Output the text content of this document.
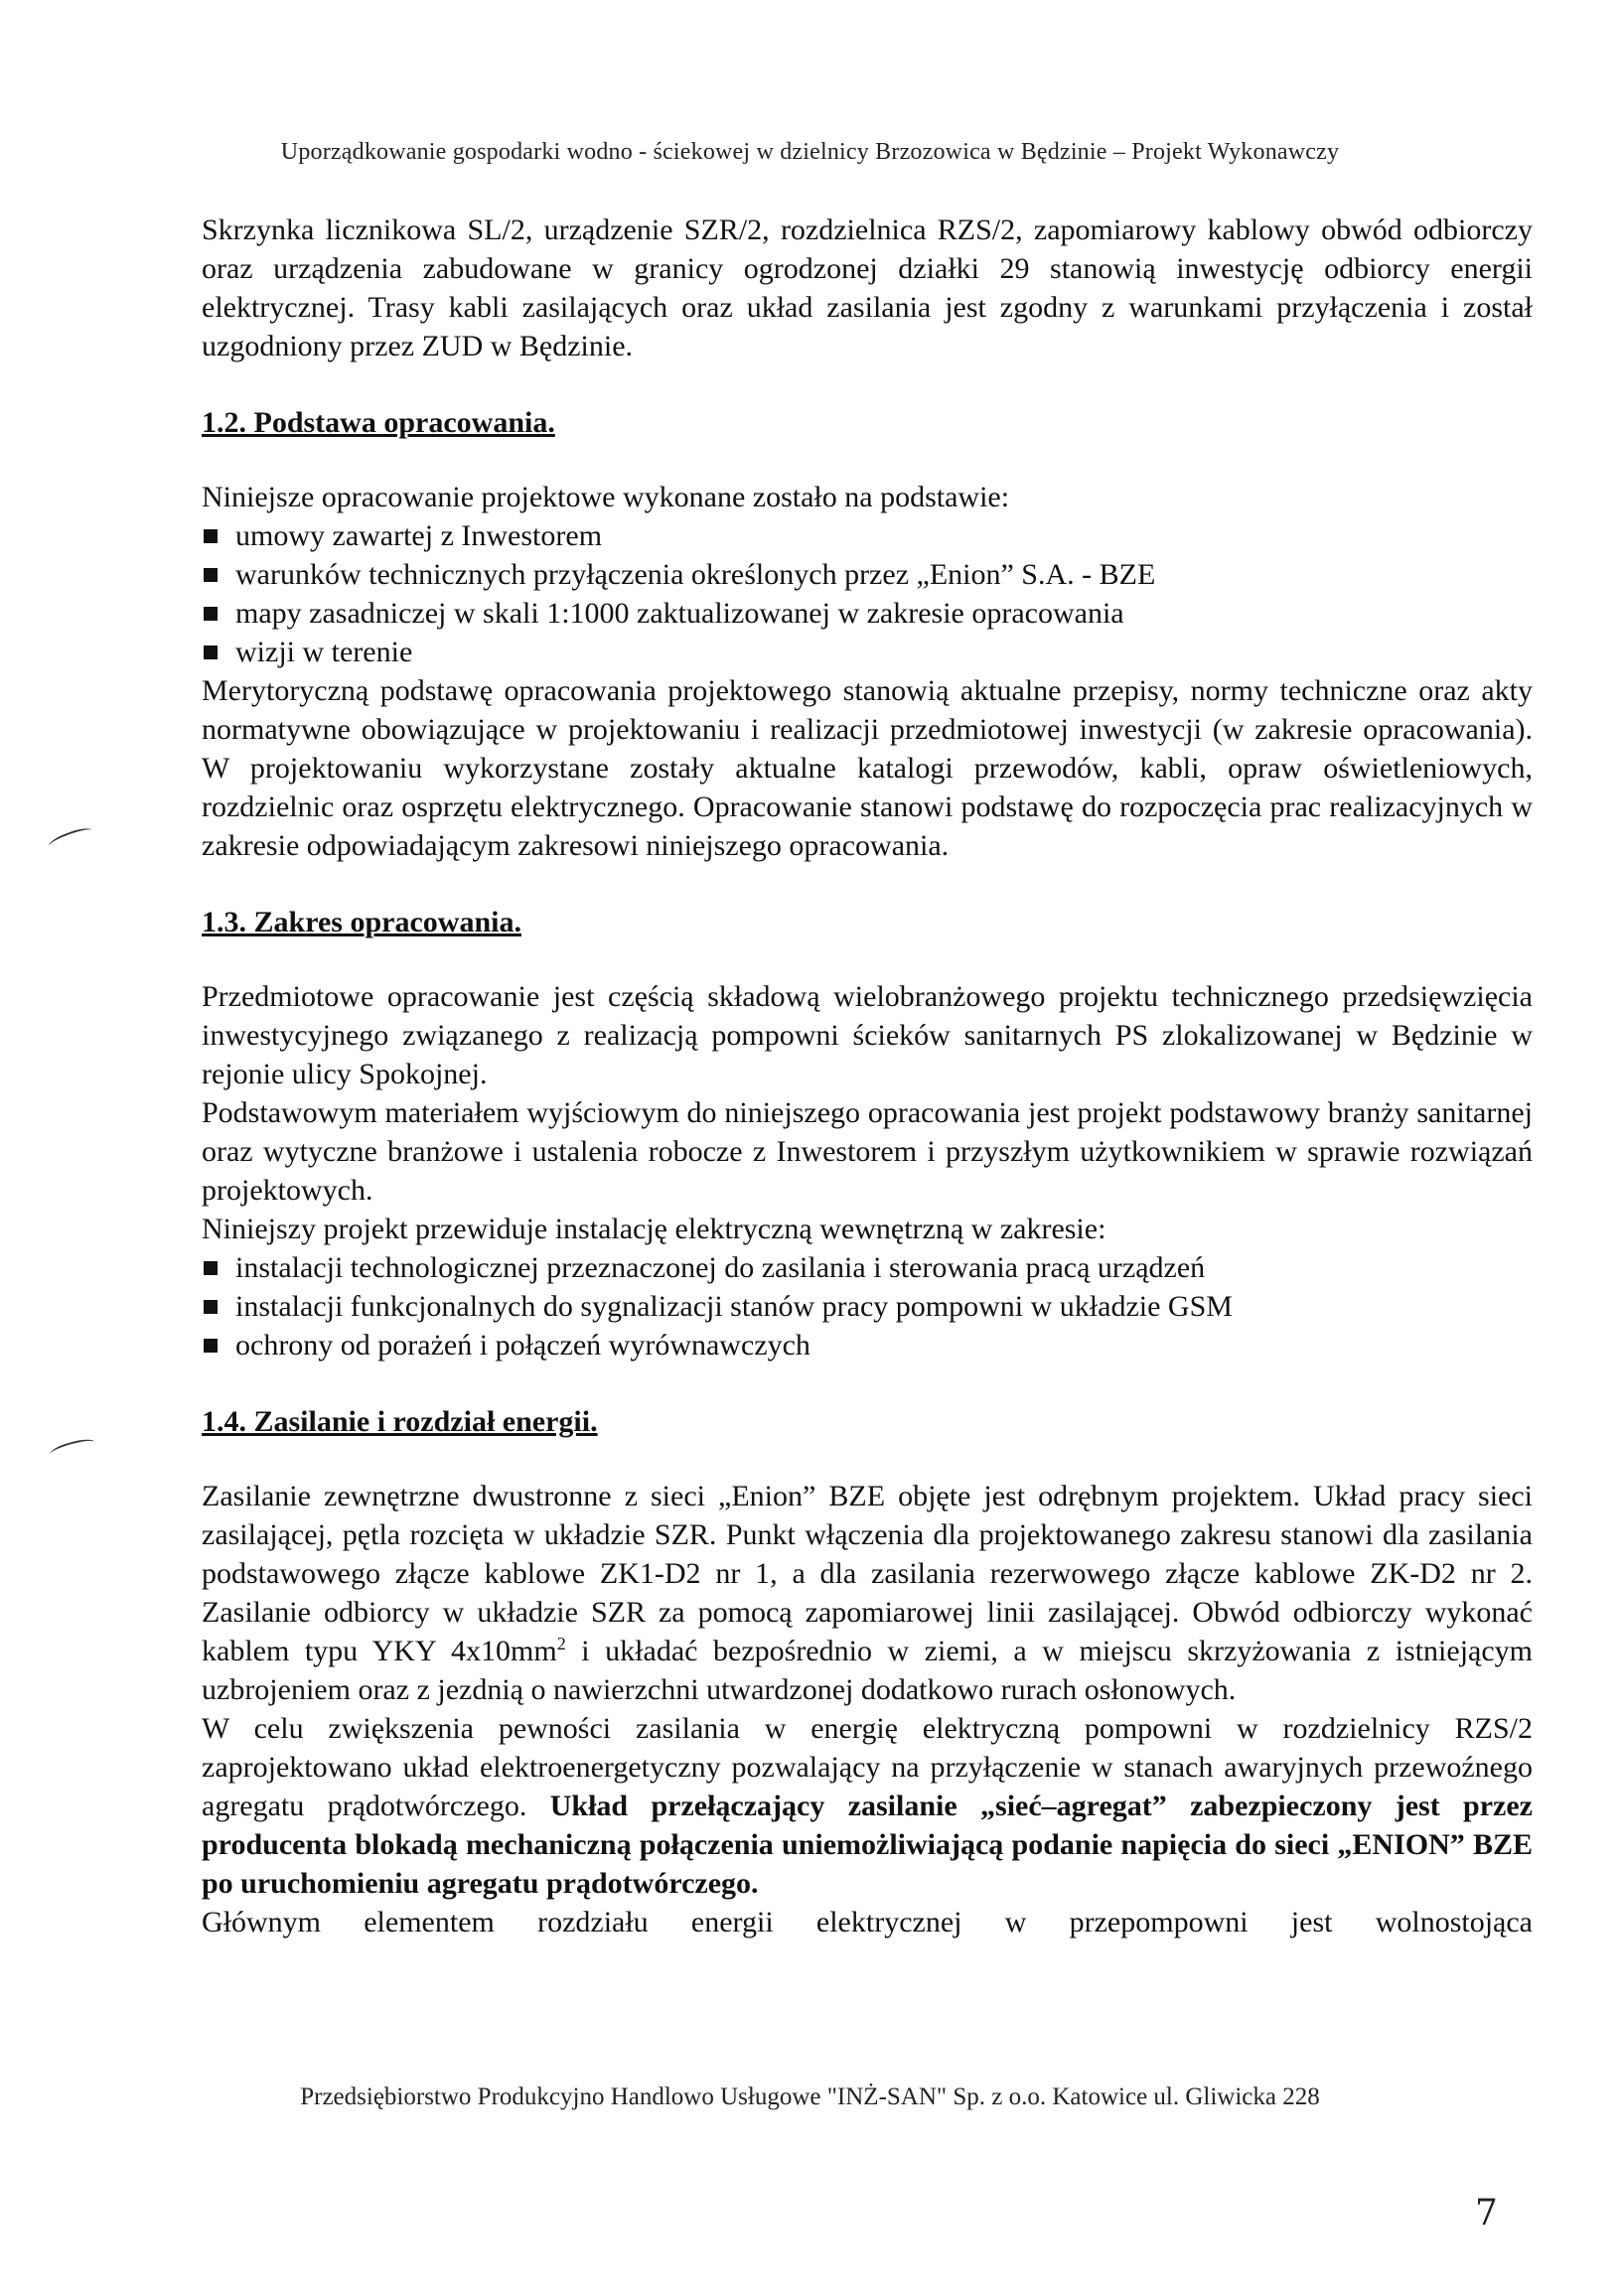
Uporządkowanie gospodarki wodno - ściekowej w dzielnicy Brzozowica w Będzinie – Projekt Wykonawczy

Skrzynka licznikowa SL/2, urządzenie SZR/2, rozdzielnica RZS/2, zapomiarowy kablowy obwód odbiorczy oraz urządzenia zabudowane w granicy ogrodzonej działki 29 stanowią inwestycję odbiorcy energii elektrycznej. Trasy kabli zasilających oraz układ zasilania jest zgodny z warunkami przyłączenia i został uzgodniony przez ZUD w Będzinie.

1.2. Podstawa opracowania.

Niniejsze opracowanie projektowe wykonane zostało na podstawie:

umowy zawartej z Inwestorem
warunków technicznych przyłączenia określonych przez „Enion” S.A. - BZE
mapy zasadniczej w skali 1:1000 zaktualizowanej w zakresie opracowania
wizji w terenie

Merytoryczną podstawę opracowania projektowego stanowią aktualne przepisy, normy techniczne oraz akty normatywne obowiązujące w projektowaniu i realizacji przedmiotowej inwestycji (w zakresie opracowania). W projektowaniu wykorzystane zostały aktualne katalogi przewodów, kabli, opraw oświetleniowych, rozdzielnic oraz osprzętu elektrycznego. Opracowanie stanowi podstawę do rozpoczęcia prac realizacyjnych w zakresie odpowiadającym zakresowi niniejszego opracowania.

1.3. Zakres opracowania.

Przedmiotowe opracowanie jest częścią składową wielobranżowego projektu technicznego przedsięwzięcia inwestycyjnego związanego z realizacją pompowni ścieków sanitarnych PS zlokalizowanej w Będzinie w rejonie ulicy Spokojnej.

Podstawowym materiałem wyjściowym do niniejszego opracowania jest projekt podstawowy branży sanitarnej oraz wytyczne branżowe i ustalenia robocze z Inwestorem i przyszłym użytkownikiem w sprawie rozwiązań projektowych.

Niniejszy projekt przewiduje instalację elektryczną wewnętrzną w zakresie:

instalacji technologicznej przeznaczonej do zasilania i sterowania pracą urządzeń
instalacji funkcjonalnych do sygnalizacji stanów pracy pompowni w układzie GSM
ochrony od porażeń i połączeń wyrównawczych
1.4. Zasilanie i rozdział energii.

Zasilanie zewnętrzne dwustronne z sieci „Enion” BZE objęte jest odrębnym projektem. Układ pracy sieci zasilającej, pętla rozcięta w układzie SZR. Punkt włączenia dla projektowanego zakresu stanowi dla zasilania podstawowego złącze kablowe ZK1-D2 nr 1, a dla zasilania rezerwowego złącze kablowe ZK-D2 nr 2. Zasilanie odbiorcy w układzie SZR za pomocą zapomiarowej linii zasilającej. Obwód odbiorczy wykonać kablem typu YKY $4x10mm^2$ i układać bezpośrednio w ziemi, a w miejscu skrzyżowania z istniejącym uzbrojeniem oraz z jezdnią o nawierzchni utwardzonej dodatkowo rurach osłonowych.

W celu zwiększenia pewności zasilania w energię elektryczną pompowni w rozdzielnicy RZS/2 zaprojektowano układ elektroenergetyczny pozwalający na przyłączenie w stanach awaryjnych przewoźnego agregatu prądotwórczego. Układ przełączający zasilanie „sieć–agregat” zabezpieczony jest przez producenta blokadą mechaniczną połączenia uniemożliwiającą podanie napięcia do sieci „ENION” BZE po uruchomieniu agregatu prądotwórczego.

Głównym elementem rozdziału energii elektrycznej w przepompowni jest wolnostojąca

Przedsiębiorstwo Produkcyjno Handlowo Usługowe "INŻ-SAN" Sp. z o.o. Katowice ul. Gliwicka 228
7
